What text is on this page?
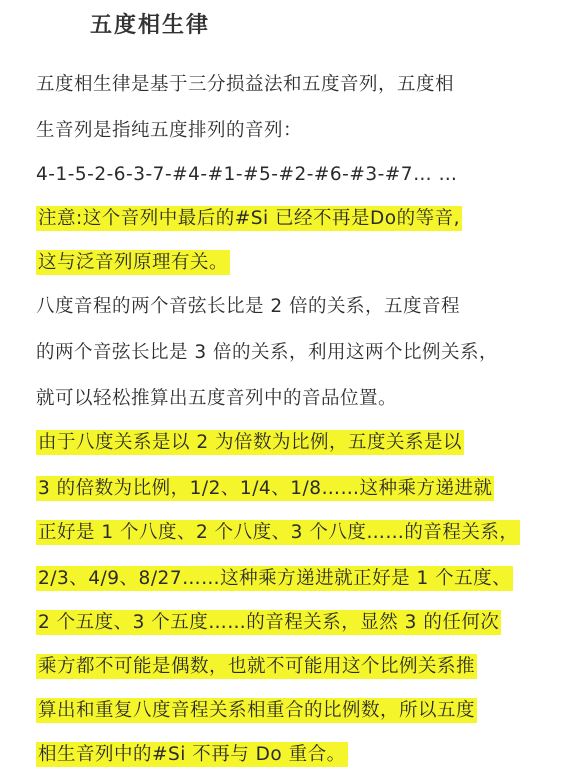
五度相生律

五度相生律是基于三分损益法和五度音列，五度相

生音列是指纯五度排列的音列：

4-1-5-2-6-3-7-#4-#1-#5-#2-#6-#3-#7… …

注意:这个音列中最后的#Si 已经不再是Do的等音,

这与泛音列原理有关。

八度音程的两个音弦长比是 2 倍的关系，五度音程

的两个音弦长比是 3 倍的关系，利用这两个比例关系，

就可以轻松推算出五度音列中的音品位置。

由于八度关系是以 2 为倍数为比例，五度关系是以

3 的倍数为比例，1/2、1/4、1/8……这种乘方递进就

正好是 1 个八度、2 个八度、3 个八度……的音程关系，

2/3、4/9、8/27……这种乘方递进就正好是 1 个五度、

2 个五度、3 个五度……的音程关系，显然 3 的任何次

乘方都不可能是偶数，也就不可能用这个比例关系推

算出和重复八度音程关系相重合的比例数，所以五度

相生音列中的#Si 不再与 Do 重合。
